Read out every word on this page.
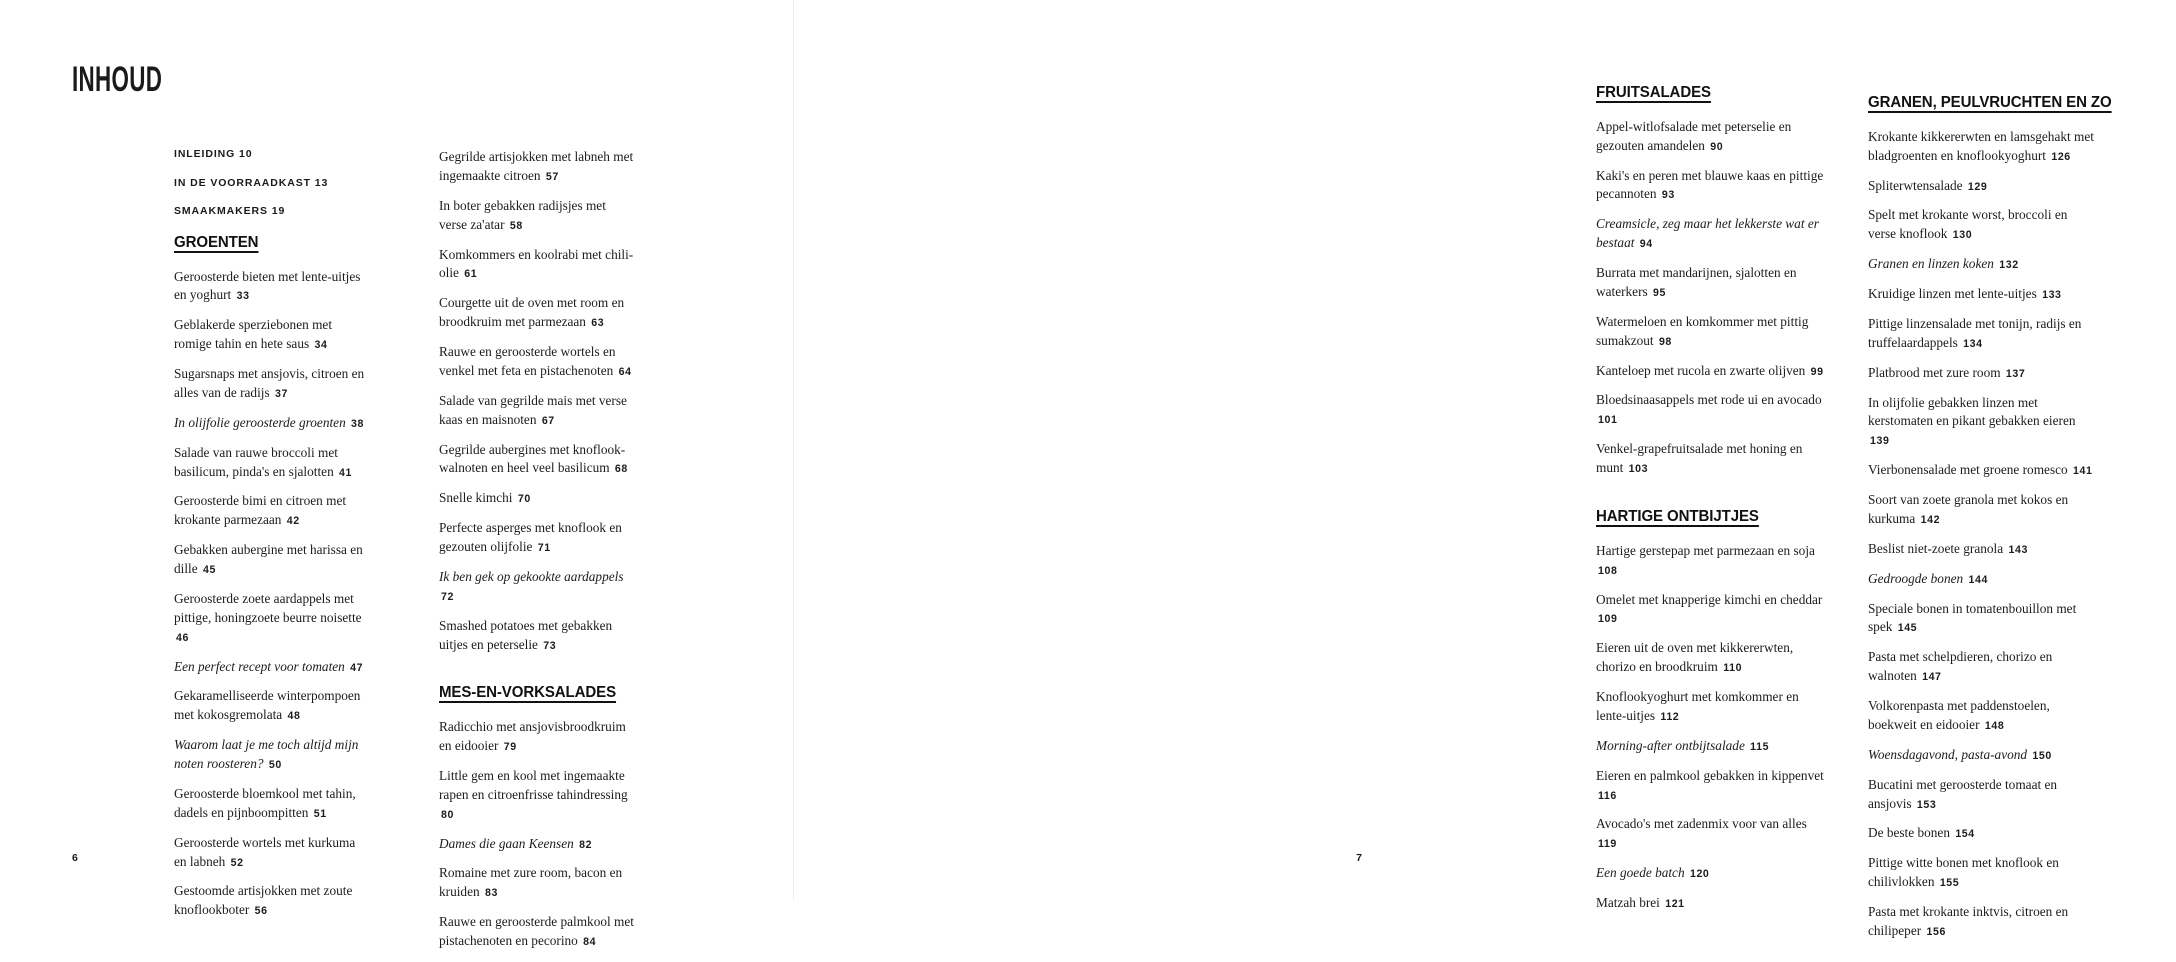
INHOUD
INLEIDING 10
IN DE VOORRAADKAST 13
SMAAKMAKERS 19
GROENTEN
Geroosterde bieten met lente-uitjes en yoghurt 33
Geblakerde sperziebonen met romige tahin en hete saus 34
Sugarsnaps met ansjovis, citroen en alles van de radijs 37
In olijfolie geroosterde groenten 38
Salade van rauwe broccoli met basilicum, pinda's en sjalotten 41
Geroosterde bimi en citroen met krokante parmezaan 42
Gebakken aubergine met harissa en dille 45
Geroosterde zoete aardappels met pittige, honingzoete beurre noisette 46
Een perfect recept voor tomaten 47
Gekaramelliseerde winterpompoen met kokosgremolata 48
Waarom laat je me toch altijd mijn noten roosteren? 50
Geroosterde bloemkool met tahin, dadels en pijnboompitten 51
Geroosterde wortels met kurkuma en labneh 52
Gestoomde artisjokken met zoute knoflookboter 56
Gegrilde artisjokken met labneh met ingemaakte citroen 57
In boter gebakken radijsjes met verse za'atar 58
Komkommers en koolrabi met chili-olie 61
Courgette uit de oven met room en broodkruim met parmezaan 63
Rauwe en geroosterde wortels en venkel met feta en pistachenoten 64
Salade van gegrilde mais met verse kaas en maisnoten 67
Gegrilde aubergines met knoflook-walnoten en heel veel basilicum 68
Snelle kimchi 70
Perfecte asperges met knoflook en gezouten olijfolie 71
Ik ben gek op gekookte aardappels 72
Smashed potatoes met gebakken uitjes en peterselie 73
MES-EN-VORKSALADES
Radicchio met ansjovisbroodkruim en eidooier 79
Little gem en kool met ingemaakte rapen en citroenfrisse tahindressing 80
Dames die gaan Keensen 82
Romaine met zure room, bacon en kruiden 83
Rauwe en geroosterde palmkool met pistachenoten en pecorino 84
6
FRUITSALADES
Appel-witlofsalade met peterselie en gezouten amandelen 90
Kaki's en peren met blauwe kaas en pittige pecannoten 93
Creamsicle, zeg maar het lekkerste wat er bestaat 94
Burrata met mandarijnen, sjalotten en waterkers 95
Watermeloen en komkommer met pittig sumakzout 98
Kanteloep met rucola en zwarte olijven 99
Bloedsinaasappels met rode ui en avocado 101
Venkel-grapefruitsalade met honing en munt 103
HARTIGE ONTBIJTJES
Hartige gerstepap met parmezaan en soja 108
Omelet met knapperige kimchi en cheddar 109
Eieren uit de oven met kikkererwten, chorizo en broodkruim 110
Knoflookyoghurt met komkommer en lente-uitjes 112
Morning-after ontbijtsalade 115
Eieren en palmkool gebakken in kippenvet 116
Avocado's met zadenmix voor van alles 119
Een goede batch 120
Matzah brei 121
GRANEN, PEULVRUCHTEN EN ZO
Krokante kikkererwten en lamsgehakt met bladgroenten en knoflookyoghurt 126
Spliterwtensalade 129
Spelt met krokante worst, broccoli en verse knoflook 130
Granen en linzen koken 132
Kruidige linzen met lente-uitjes 133
Pittige linzensalade met tonijn, radijs en truffelaardappels 134
Platbrood met zure room 137
In olijfolie gebakken linzen met kerstomaten en pikant gebakken eieren 139
Vierbonensalade met groene romesco 141
Soort van zoete granola met kokos en kurkuma 142
Beslist niet-zoete granola 143
Gedroogde bonen 144
Speciale bonen in tomatenbouillon met spek 145
Pasta met schelpdieren, chorizo en walnoten 147
Volkorenpasta met paddenstoelen, boekweit en eidooier 148
Woensdagavond, pasta-avond 150
Bucatini met geroosterde tomaat en ansjovis 153
De beste bonen 154
Pittige witte bonen met knoflook en chilivlokken 155
Pasta met krokante inktvis, citroen en chilipeper 156
7
